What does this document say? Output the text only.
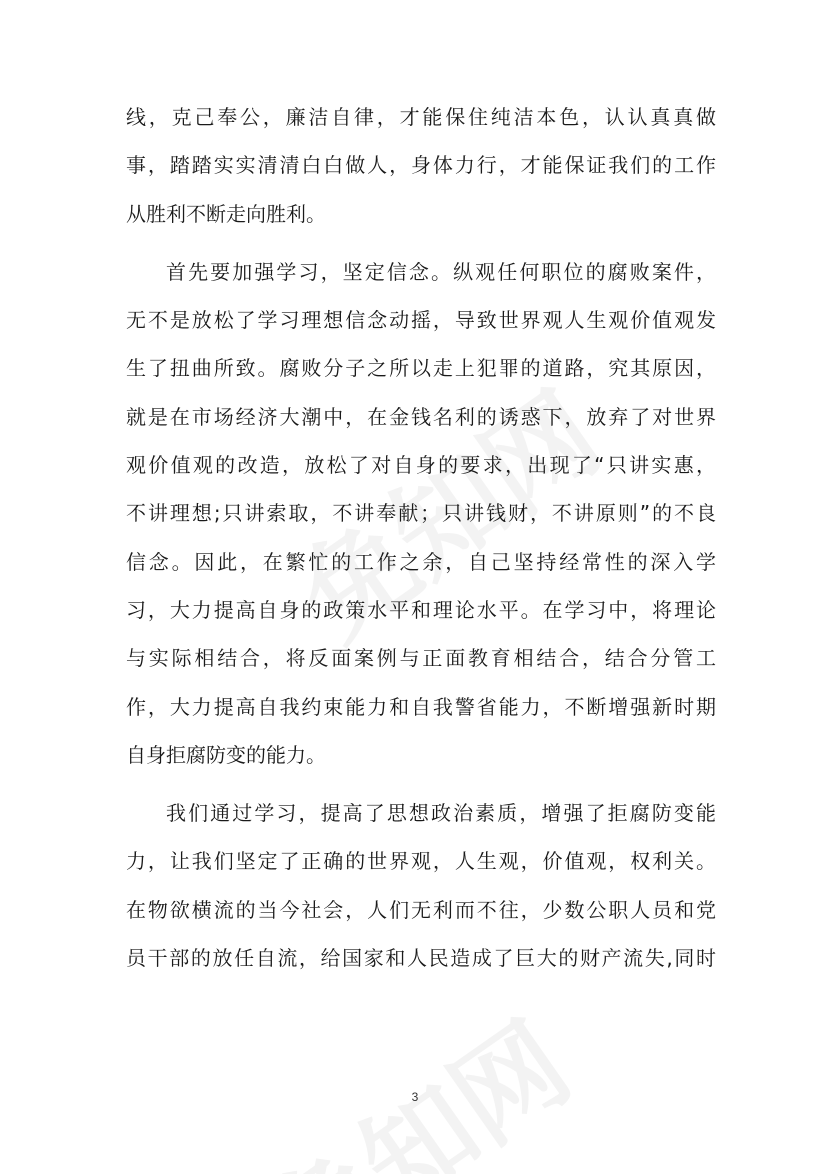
线，克己奉公，廉洁自律，才能保住纯洁本色，认认真真做
事，踏踏实实清清白白做人，身体力行，才能保证我们的工作
从胜利不断走向胜利。
首先要加强学习，坚定信念。纵观任何职位的腐败案件，
无不是放松了学习理想信念动摇，导致世界观人生观价值观发
生了扭曲所致。腐败分子之所以走上犯罪的道路，究其原因，
就是在市场经济大潮中，在金钱名利的诱惑下，放弃了对世界
观价值观的改造，放松了对自身的要求，出现了“只讲实惠，
不讲理想;只讲索取，不讲奉献；只讲钱财，不讲原则”的不良
信念。因此，在繁忙的工作之余，自己坚持经常性的深入学
习，大力提高自身的政策水平和理论水平。在学习中，将理论
与实际相结合，将反面案例与正面教育相结合，结合分管工
作，大力提高自我约束能力和自我警省能力，不断增强新时期
自身拒腐防变的能力。
我们通过学习，提高了思想政治素质，增强了拒腐防变能
力，让我们坚定了正确的世界观，人生观，价值观，权利关。
在物欲横流的当今社会，人们无利而不往，少数公职人员和党
员干部的放任自流，给国家和人民造成了巨大的财产流失,同时
3
